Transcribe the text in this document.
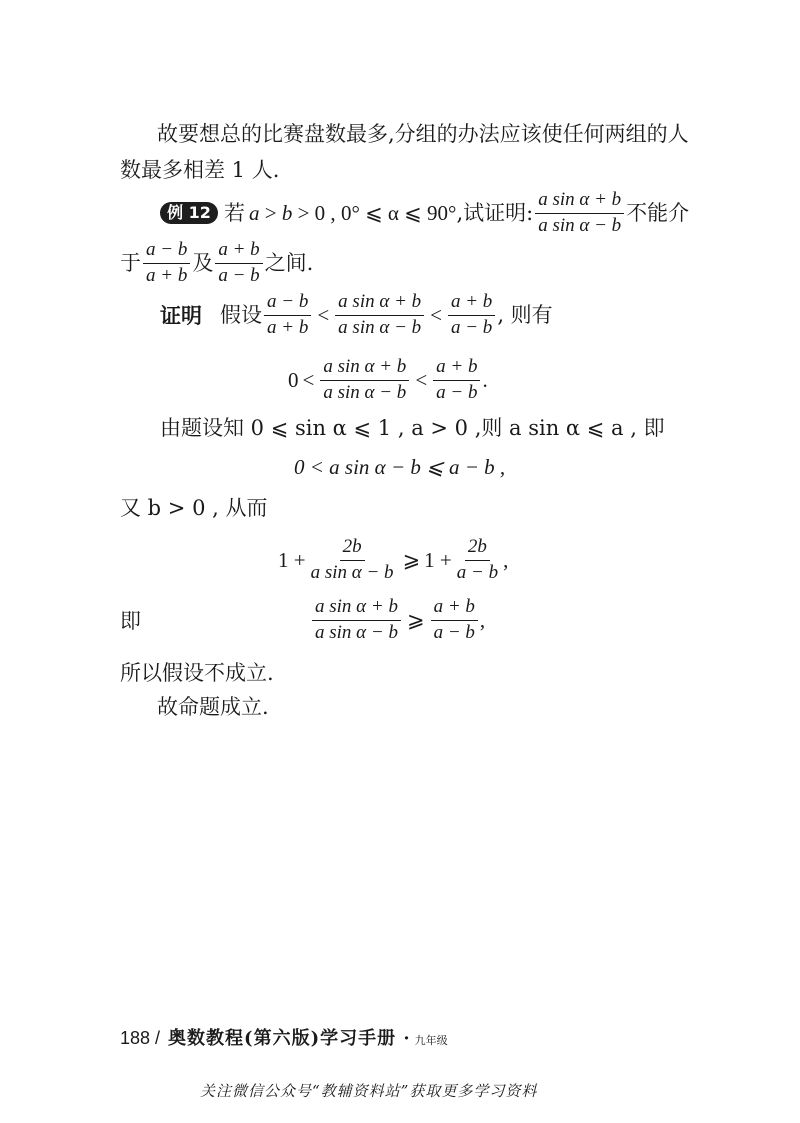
故要想总的比赛盘数最多,分组的办法应该使任何两组的人
数最多相差 1 人.
例 12 若 a > b > 0 , 0° ⩽ α ⩽ 90° ,试证明: $\frac{\text{a sin α + b}}{\text{a sin α − b}}$ 不能介
于 $\frac{a - b}{a + b}$ 及 $\frac{a + b}{a - b}$ 之间.
证明 假设 $\frac{a - b}{a + b} < \frac{\text{a sin α + b}}{\text{a sin α − b}} < \frac{a + b}{a - b}$ , 则有
$0 < \frac{\text{a sin α + b}}{\text{a sin α − b}} < \frac{a + b}{a - b}$ .
由题设知 0 ⩽ sin α ⩽ 1 , a > 0 ,则 a sin α ⩽ a , 即
0 < a sin α − b ⩽ a − b ,
又 b > 0 , 从而
$1 + \frac{2b}{\text{a sin α − b}}$ ⩾ $1 + \frac{2b}{a - b}$ ,
即	$\frac{\text{a sin α + b}}{\text{a sin α − b}}$ ⩾ $\frac{a + b}{a - b}$ ,
所以假设不成立.
故命题成立.
188 / 奥数教程(第六版)学习手册 · 九年级
关注微信公众号“教辅资料站”获取更多学习资料
